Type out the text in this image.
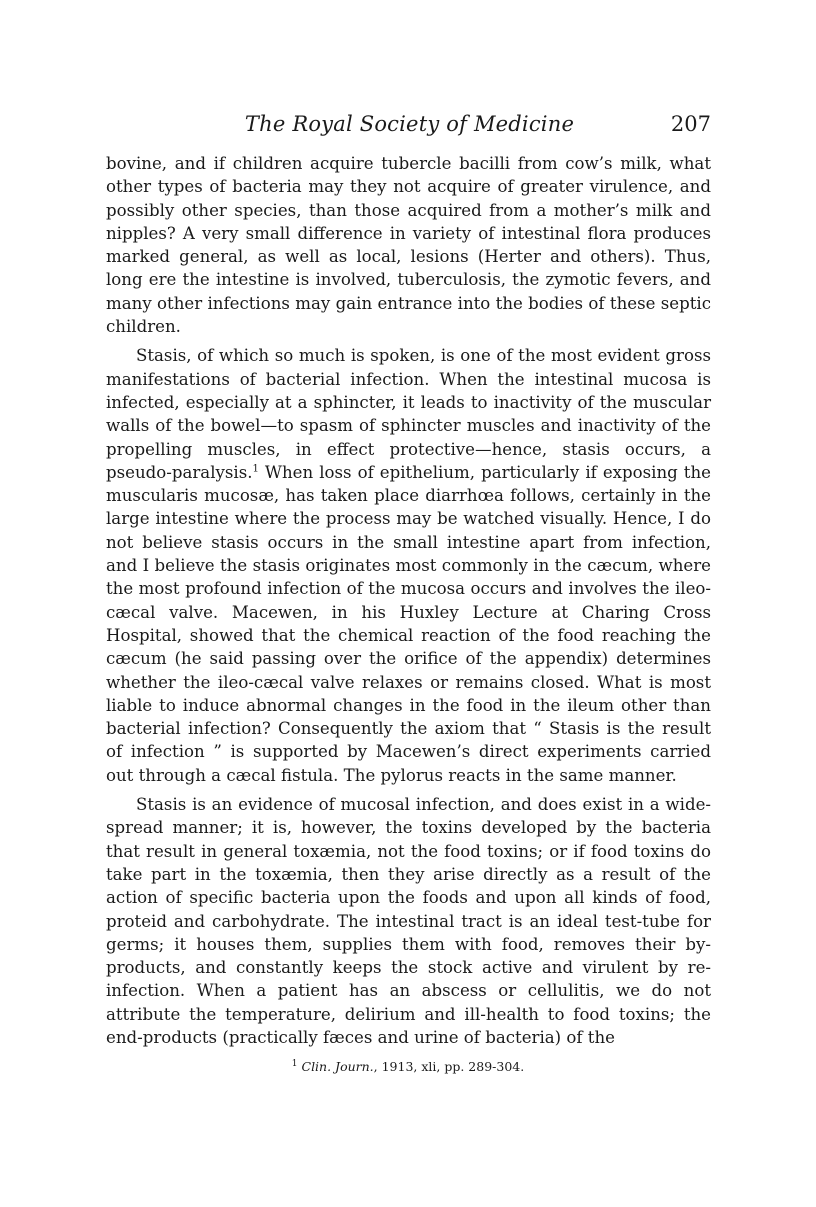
The Royal Society of Medicine	207

bovine, and if children acquire tubercle bacilli from cow’s milk, what other types of bacteria may they not acquire of greater virulence, and possibly other species, than those acquired from a mother’s milk and nipples? A very small difference in variety of intestinal flora produces marked general, as well as local, lesions (Herter and others). Thus, long ere the intestine is involved, tuberculosis, the zymotic fevers, and many other infections may gain entrance into the bodies of these septic children.

Stasis, of which so much is spoken, is one of the most evident gross manifestations of bacterial infection. When the intestinal mucosa is infected, especially at a sphincter, it leads to inactivity of the muscular walls of the bowel—to spasm of sphincter muscles and inactivity of the propelling muscles, in effect protective—hence, stasis occurs, a pseudo-paralysis.$^1$ When loss of epithelium, particularly if exposing the muscularis mucosæ, has taken place diarrhœa follows, certainly in the large intestine where the process may be watched visually. Hence, I do not believe stasis occurs in the small intestine apart from infection, and I believe the stasis originates most commonly in the cæcum, where the most profound infection of the mucosa occurs and involves the ileo-cæcal valve. Macewen, in his Huxley Lecture at Charing Cross Hospital, showed that the chemical reaction of the food reaching the cæcum (he said passing over the orifice of the appendix) determines whether the ileo-cæcal valve relaxes or remains closed. What is most liable to induce abnormal changes in the food in the ileum other than bacterial infection? Consequently the axiom that “ Stasis is the result of infection ” is supported by Macewen’s direct experiments carried out through a cæcal fistula. The pylorus reacts in the same manner.

Stasis is an evidence of mucosal infection, and does exist in a wide-spread manner; it is, however, the toxins developed by the bacteria that result in general toxæmia, not the food toxins; or if food toxins do take part in the toxæmia, then they arise directly as a result of the action of specific bacteria upon the foods and upon all kinds of food, proteid and carbohydrate. The intestinal tract is an ideal test-tube for germs; it houses them, supplies them with food, removes their by-products, and constantly keeps the stock active and virulent by re-infection. When a patient has an abscess or cellulitis, we do not attribute the temperature, delirium and ill-health to food toxins; the end-products (practically fæces and urine of bacteria) of the

$^1$ Clin. Journ., 1913, xli, pp. 289-304.
